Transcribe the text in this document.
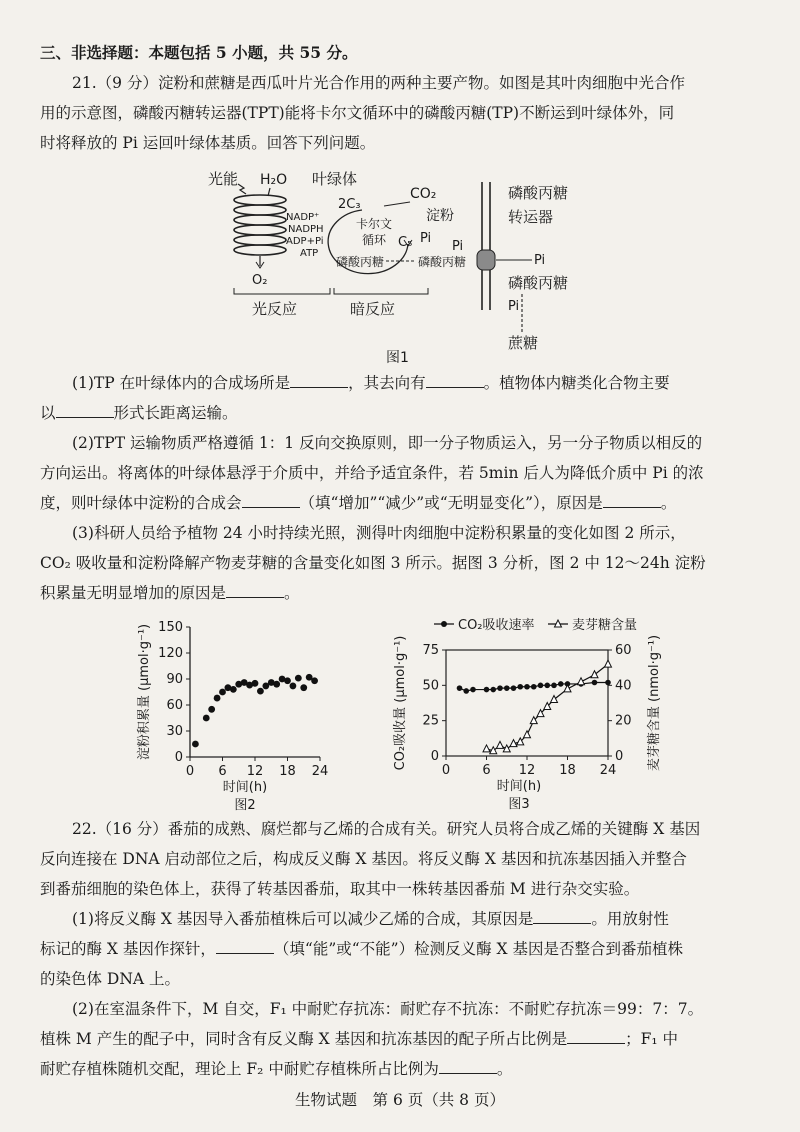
三、非选择题：本题包括 5 小题，共 55 分。
21.（9 分）淀粉和蔗糖是西瓜叶片光合作用的两种主要产物。如图是其叶肉细胞中光合作
用的示意图，磷酸丙糖转运器(TPT)能将卡尔文循环中的磷酸丙糖(TP)不断运到叶绿体外，同
时将释放的 Pi 运回叶绿体基质。回答下列问题。
光能 H₂O 叶绿体
O₂
NADP⁺
NADPH
ADP+Pi
ATP
2C₃
CO₂
卡尔文
循环 C₅
淀粉
Pi
磷酸丙糖	磷酸丙糖
Pi
Pi
磷酸丙糖
转运器
磷酸丙糖
Pi
蔗糖
光反应	暗反应
图1
(1)TP 在叶绿体内的合成场所是	，其去向有	。植物体内糖类化合物主要
以	形式长距离运输。
(2)TPT 运输物质严格遵循 1：1 反向交换原则，即一分子物质运入，另一分子物质以相反的
方向运出。将离体的叶绿体悬浮于介质中，并给予适宜条件，若 5min 后人为降低介质中 Pi 的浓
度，则叶绿体中淀粉的合成会	（填“增加”“减少”或“无明显变化”），原因是	。
(3)科研人员给予植物 24 小时持续光照，测得叶肉细胞中淀粉积累量的变化如图 2 所示，
CO₂ 吸收量和淀粉降解产物麦芽糖的含量变化如图 3 所示。据图 3 分析，图 2 中 12～24h 淀粉
积累量无明显增加的原因是	。
0
30
60
90
120
150
0 6 12 18 24
时间(h)
图2
淀粉积累量 (μmol·g⁻¹)	0
25
50
75
0
20
40
60
0 6 12 18 24
CO₂吸收速率	麦芽糖含量
时间(h)
图3
CO₂吸收量 (μmol·g⁻¹)	麦芽糖含量 (nmol·g⁻¹)
22.（16 分）番茄的成熟、腐烂都与乙烯的合成有关。研究人员将合成乙烯的关键酶 X 基因
反向连接在 DNA 启动部位之后，构成反义酶 X 基因。将反义酶 X 基因和抗冻基因插入并整合
到番茄细胞的染色体上，获得了转基因番茄，取其中一株转基因番茄 M 进行杂交实验。
(1)将反义酶 X 基因导入番茄植株后可以减少乙烯的合成，其原因是	。用放射性
标记的酶 X 基因作探针，	（填“能”或“不能”）检测反义酶 X 基因是否整合到番茄植株
的染色体 DNA 上。
(2)在室温条件下，M 自交，F₁ 中耐贮存抗冻：耐贮存不抗冻：不耐贮存抗冻＝99：7：7。
植株 M 产生的配子中，同时含有反义酶 X 基因和抗冻基因的配子所占比例是	；F₁ 中
耐贮存植株随机交配，理论上 F₂ 中耐贮存植株所占比例为	。
生物试题　第 6 页（共 8 页）
